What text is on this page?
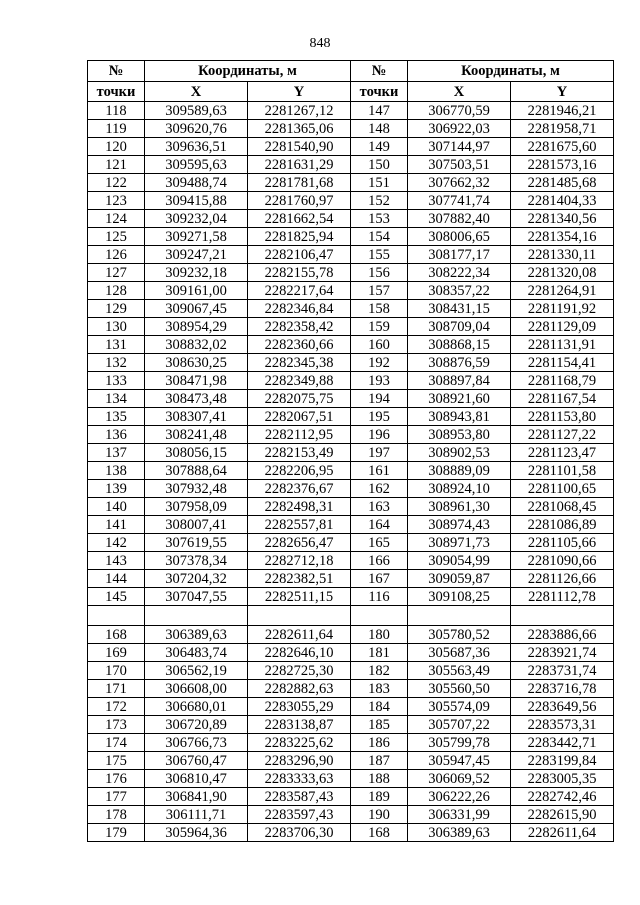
848
№	Координаты, м		№	Координаты, м	
точки	X	Y	точки	X	Y
118	309589,63	2281267,12	147	306770,59	2281946,21
119	309620,76	2281365,06	148	306922,03	2281958,71
120	309636,51	2281540,90	149	307144,97	2281675,60
121	309595,63	2281631,29	150	307503,51	2281573,16
122	309488,74	2281781,68	151	307662,32	2281485,68
123	309415,88	2281760,97	152	307741,74	2281404,33
124	309232,04	2281662,54	153	307882,40	2281340,56
125	309271,58	2281825,94	154	308006,65	2281354,16
126	309247,21	2282106,47	155	308177,17	2281330,11
127	309232,18	2282155,78	156	308222,34	2281320,08
128	309161,00	2282217,64	157	308357,22	2281264,91
129	309067,45	2282346,84	158	308431,15	2281191,92
130	308954,29	2282358,42	159	308709,04	2281129,09
131	308832,02	2282360,66	160	308868,15	2281131,91
132	308630,25	2282345,38	192	308876,59	2281154,41
133	308471,98	2282349,88	193	308897,84	2281168,79
134	308473,48	2282075,75	194	308921,60	2281167,54
135	308307,41	2282067,51	195	308943,81	2281153,80
136	308241,48	2282112,95	196	308953,80	2281127,22
137	308056,15	2282153,49	197	308902,53	2281123,47
138	307888,64	2282206,95	161	308889,09	2281101,58
139	307932,48	2282376,67	162	308924,10	2281100,65
140	307958,09	2282498,31	163	308961,30	2281068,45
141	308007,41	2282557,81	164	308974,43	2281086,89
142	307619,55	2282656,47	165	308971,73	2281105,66
143	307378,34	2282712,18	166	309054,99	2281090,66
144	307204,32	2282382,51	167	309059,87	2281126,66
145	307047,55	2282511,15	116	309108,25	2281112,78

168	306389,63	2282611,64	180	305780,52	2283886,66
169	306483,74	2282646,10	181	305687,36	2283921,74
170	306562,19	2282725,30	182	305563,49	2283731,74
171	306608,00	2282882,63	183	305560,50	2283716,78
172	306680,01	2283055,29	184	305574,09	2283649,56
173	306720,89	2283138,87	185	305707,22	2283573,31
174	306766,73	2283225,62	186	305799,78	2283442,71
175	306760,47	2283296,90	187	305947,45	2283199,84
176	306810,47	2283333,63	188	306069,52	2283005,35
177	306841,90	2283587,43	189	306222,26	2282742,46
178	306111,71	2283597,43	190	306331,99	2282615,90
179	305964,36	2283706,30	168	306389,63	2282611,64
